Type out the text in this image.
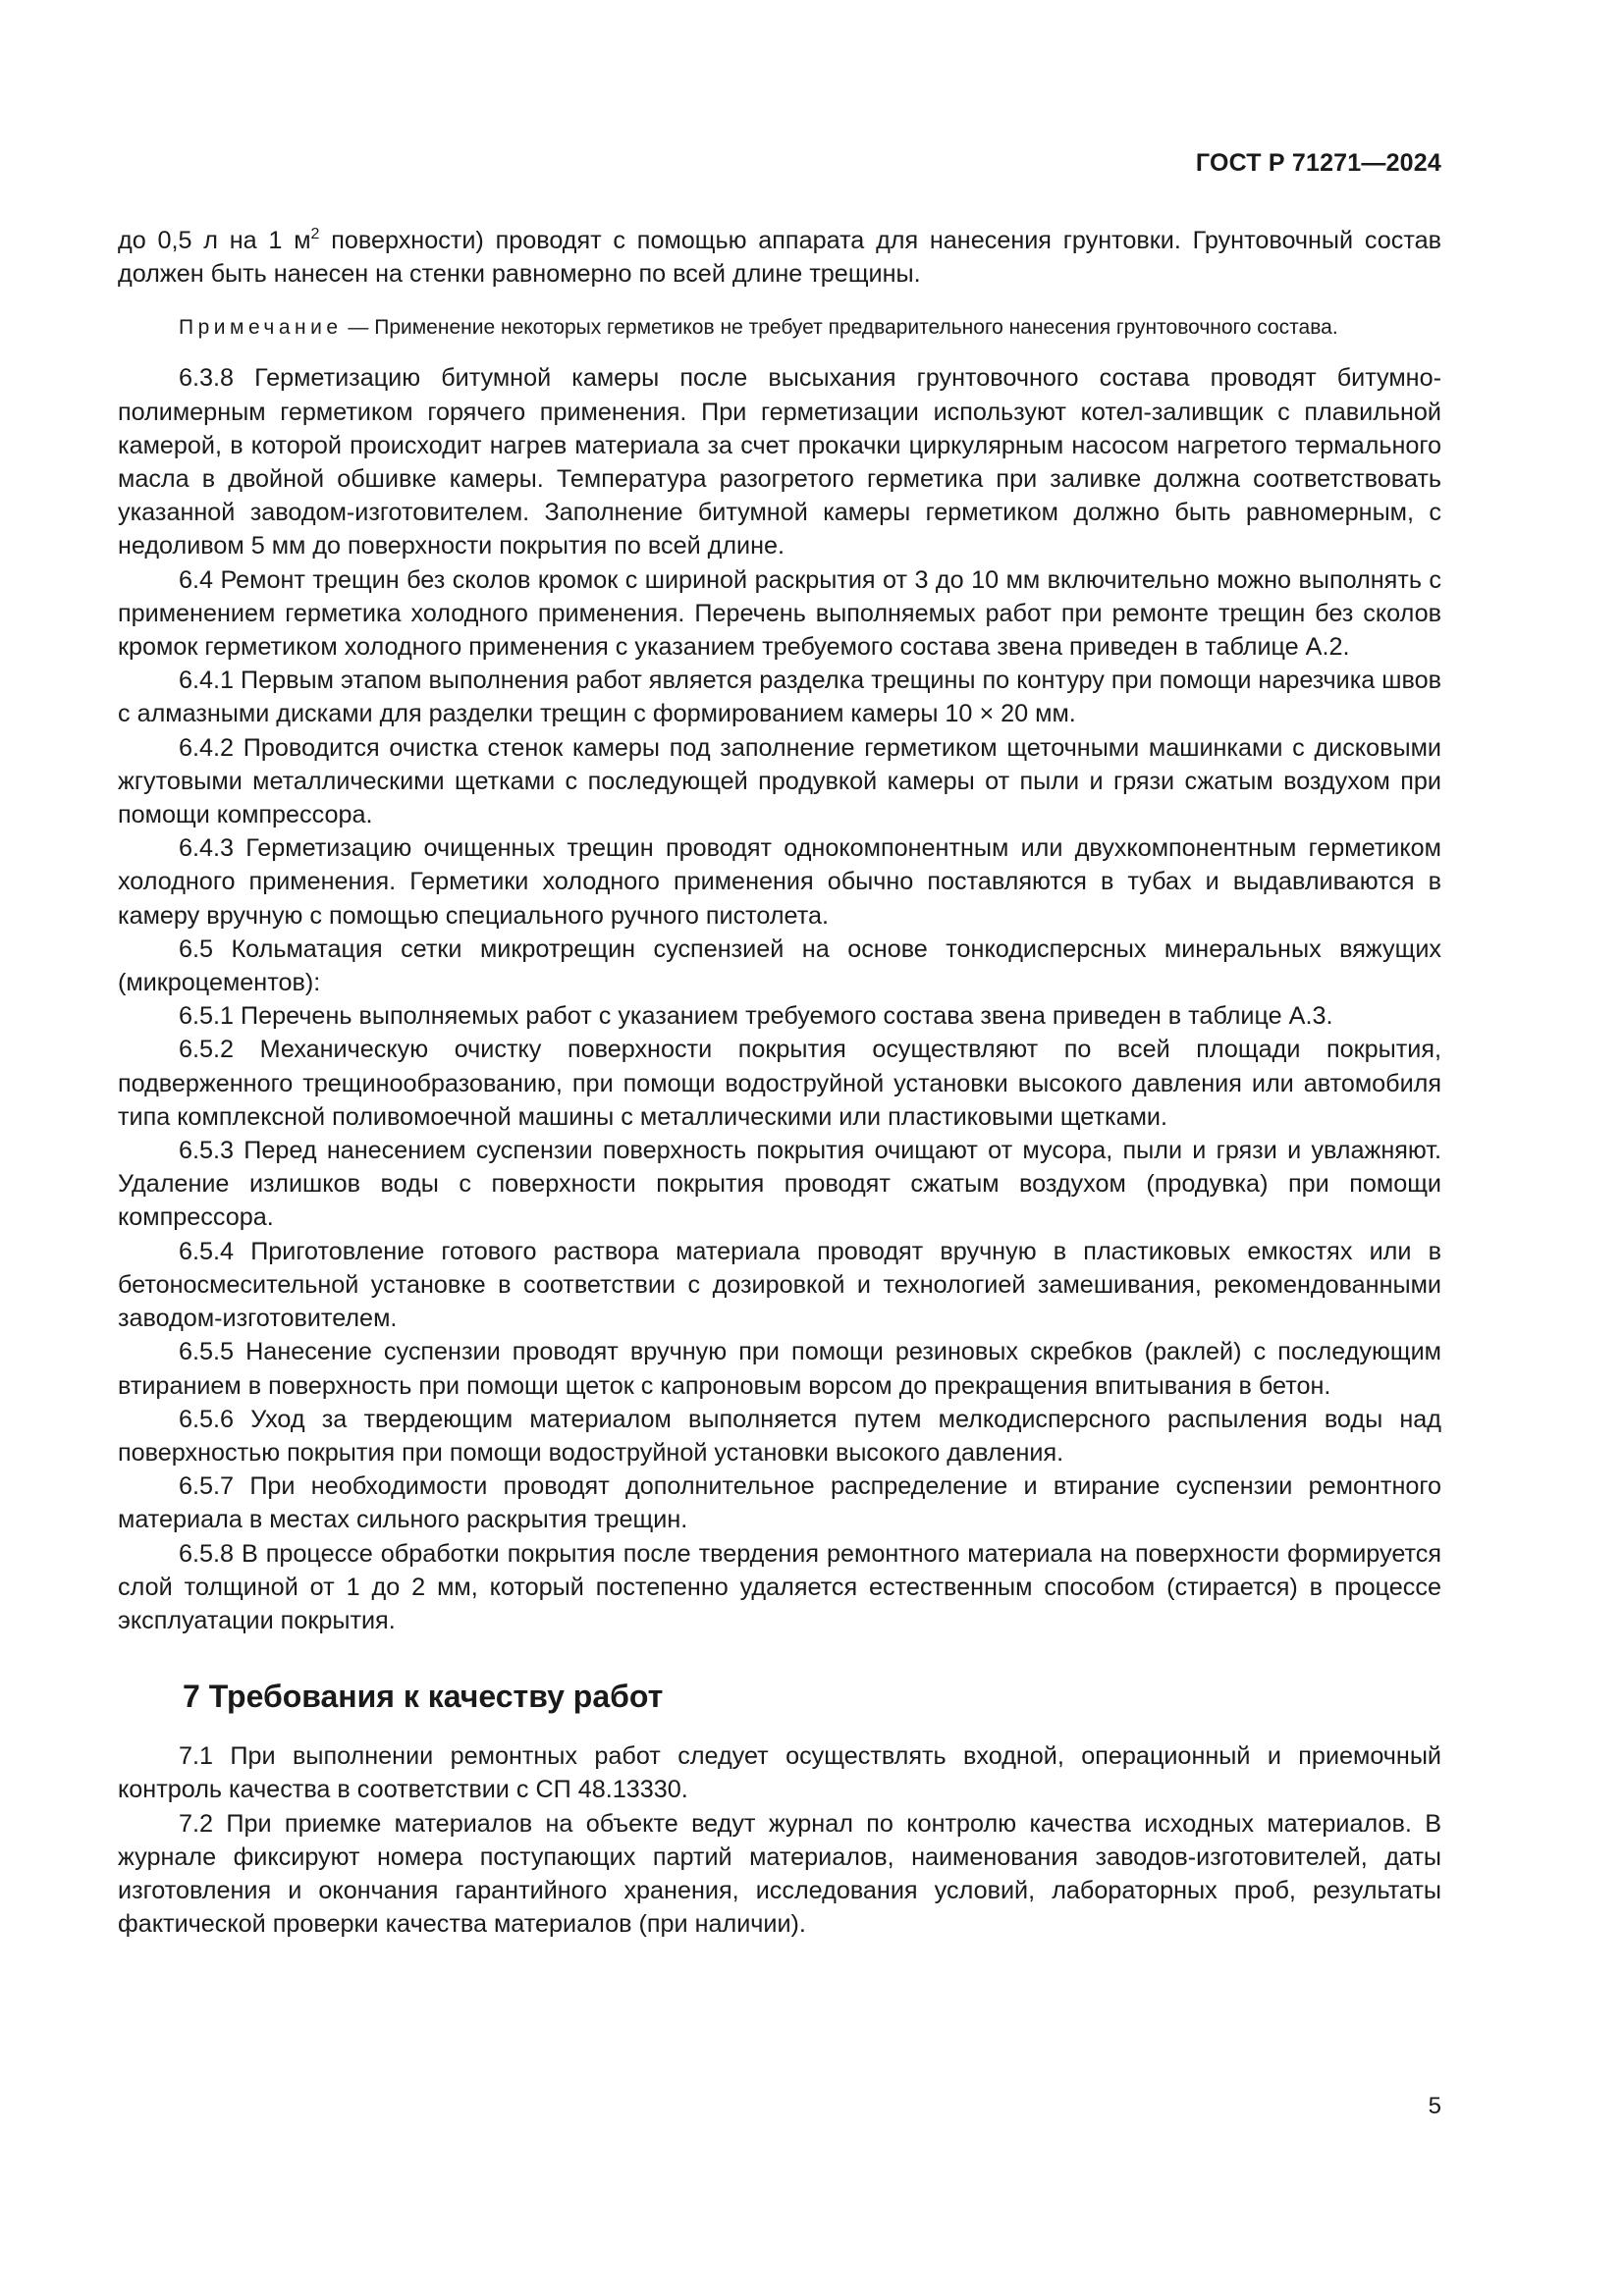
ГОСТ Р 71271—2024

до 0,5 л на 1 $м^2$ поверхности) проводят с помощью аппарата для нанесения грунтовки. Грунтовочный состав должен быть нанесен на стенки равномерно по всей длине трещины.

Примечание — Применение некоторых герметиков не требует предварительного нанесения грунтовочного состава.

6.3.8 Герметизацию битумной камеры после высыхания грунтовочного состава проводят битумно-полимерным герметиком горячего применения. При герметизации используют котел-заливщик с плавильной камерой, в которой происходит нагрев материала за счет прокачки циркулярным насосом нагретого термального масла в двойной обшивке камеры. Температура разогретого герметика при заливке должна соответствовать указанной заводом-изготовителем. Заполнение битумной камеры герметиком должно быть равномерным, с недоливом 5 мм до поверхности покрытия по всей длине.

6.4 Ремонт трещин без сколов кромок с шириной раскрытия от 3 до 10 мм включительно можно выполнять с применением герметика холодного применения. Перечень выполняемых работ при ремонте трещин без сколов кромок герметиком холодного применения с указанием требуемого состава звена приведен в таблице А.2.

6.4.1 Первым этапом выполнения работ является разделка трещины по контуру при помощи нарезчика швов с алмазными дисками для разделки трещин с формированием камеры 10 × 20 мм.

6.4.2 Проводится очистка стенок камеры под заполнение герметиком щеточными машинками с дисковыми жгутовыми металлическими щетками с последующей продувкой камеры от пыли и грязи сжатым воздухом при помощи компрессора.

6.4.3 Герметизацию очищенных трещин проводят однокомпонентным или двухкомпонентным герметиком холодного применения. Герметики холодного применения обычно поставляются в тубах и выдавливаются в камеру вручную с помощью специального ручного пистолета.

6.5 Кольматация сетки микротрещин суспензией на основе тонкодисперсных минеральных вяжущих (микроцементов):

6.5.1 Перечень выполняемых работ с указанием требуемого состава звена приведен в таблице А.3.

6.5.2 Механическую очистку поверхности покрытия осуществляют по всей площади покрытия, подверженного трещинообразованию, при помощи водоструйной установки высокого давления или автомобиля типа комплексной поливомоечной машины с металлическими или пластиковыми щетками.

6.5.3 Перед нанесением суспензии поверхность покрытия очищают от мусора, пыли и грязи и увлажняют. Удаление излишков воды с поверхности покрытия проводят сжатым воздухом (продувка) при помощи компрессора.

6.5.4 Приготовление готового раствора материала проводят вручную в пластиковых емкостях или в бетоносмесительной установке в соответствии с дозировкой и технологией замешивания, рекомендованными заводом-изготовителем.

6.5.5 Нанесение суспензии проводят вручную при помощи резиновых скребков (раклей) с последующим втиранием в поверхность при помощи щеток с капроновым ворсом до прекращения впитывания в бетон.

6.5.6 Уход за твердеющим материалом выполняется путем мелкодисперсного распыления воды над поверхностью покрытия при помощи водоструйной установки высокого давления.

6.5.7 При необходимости проводят дополнительное распределение и втирание суспензии ремонтного материала в местах сильного раскрытия трещин.

6.5.8 В процессе обработки покрытия после твердения ремонтного материала на поверхности формируется слой толщиной от 1 до 2 мм, который постепенно удаляется естественным способом (стирается) в процессе эксплуатации покрытия.

7 Требования к качеству работ

7.1 При выполнении ремонтных работ следует осуществлять входной, операционный и приемочный контроль качества в соответствии с СП 48.13330.

7.2 При приемке материалов на объекте ведут журнал по контролю качества исходных материалов. В журнале фиксируют номера поступающих партий материалов, наименования заводов-изготовителей, даты изготовления и окончания гарантийного хранения, исследования условий, лабораторных проб, результаты фактической проверки качества материалов (при наличии).

5
